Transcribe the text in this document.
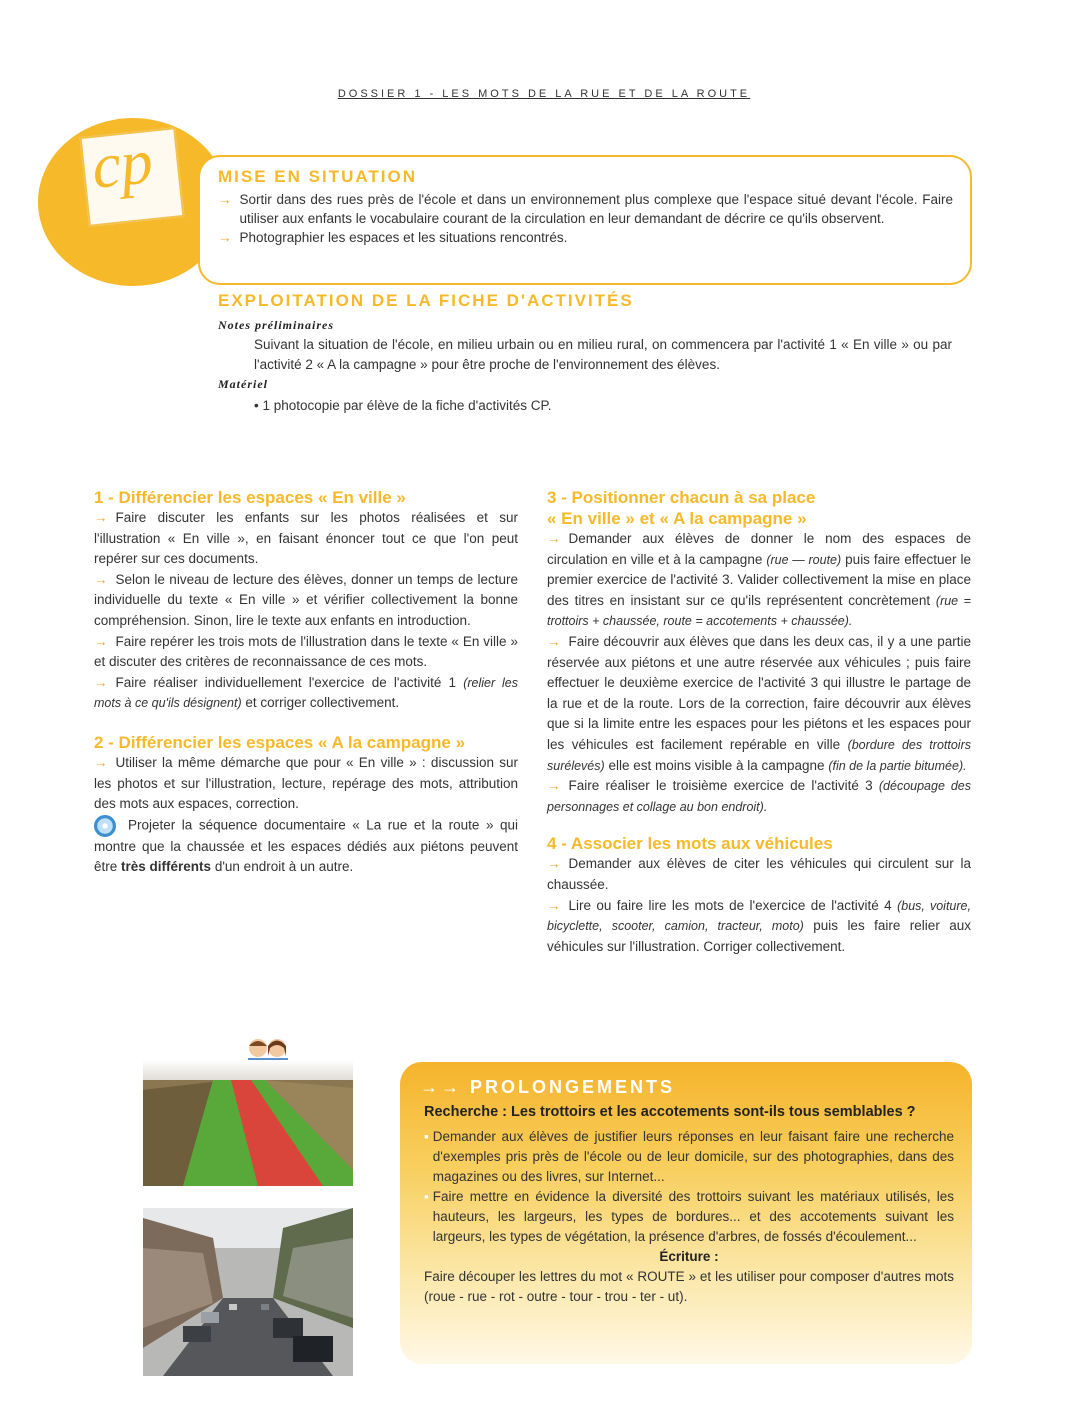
DOSSIER 1 - LES MOTS DE LA RUE ET DE LA ROUTE
cp	MISE EN SITUATION
→ Sortir dans des rues près de l'école et dans un environnement plus complexe que l'espace situé devant l'école. Faire utiliser aux enfants le vocabulaire courant de la circulation en leur demandant de décrire ce qu'ils observent.
→ Photographier les espaces et les situations rencontrés.
EXPLOITATION DE LA FICHE D'ACTIVITÉS
Notes préliminaires
Suivant la situation de l'école, en milieu urbain ou en milieu rural, on commencera par l'activité 1 « En ville » ou par l'activité 2 « A la campagne » pour être proche de l'environnement des élèves.
Matériel
• 1 photocopie par élève de la fiche d'activités CP.
1 - Différencier les espaces « En ville »

→ Faire discuter les enfants sur les photos réalisées et sur l'illustration « En ville », en faisant énoncer tout ce que l'on peut repérer sur ces documents.

→ Selon le niveau de lecture des élèves, donner un temps de lecture individuelle du texte « En ville » et vérifier collectivement la bonne compréhension. Sinon, lire le texte aux enfants en introduction.

→ Faire repérer les trois mots de l'illustration dans le texte « En ville » et discuter des critères de reconnaissance de ces mots.

→ Faire réaliser individuellement l'exercice de l'activité 1 (relier les mots à ce qu'ils désignent) et corriger collectivement.

2 - Différencier les espaces « A la campagne »

→ Utiliser la même démarche que pour « En ville » : discussion sur les photos et sur l'illustration, lecture, repérage des mots, attribution des mots aux espaces, correction.

Projeter la séquence documentaire « La rue et la route » qui montre que la chaussée et les espaces dédiés aux piétons peuvent être très différents d'un endroit à un autre.

3 - Positionner chacun à sa place
« En ville » et « A la campagne »

→ Demander aux élèves de donner le nom des espaces de circulation en ville et à la campagne (rue — route) puis faire effectuer le premier exercice de l'activité 3. Valider collectivement la mise en place des titres en insistant sur ce qu'ils représentent concrètement (rue = trottoirs + chaussée, route = accotements + chaussée).

→ Faire découvrir aux élèves que dans les deux cas, il y a une partie réservée aux piétons et une autre réservée aux véhicules ; puis faire effectuer le deuxième exercice de l'activité 3 qui illustre le partage de la rue et de la route. Lors de la correction, faire découvrir aux élèves que si la limite entre les espaces pour les piétons et les espaces pour les véhicules est facilement repérable en ville (bordure des trottoirs surélevés) elle est moins visible à la campagne (fin de la partie bitumée).

→ Faire réaliser le troisième exercice de l'activité 3 (découpage des personnages et collage au bon endroit).

4 - Associer les mots aux véhicules

→ Demander aux élèves de citer les véhicules qui circulent sur la chaussée.

→ Lire ou faire lire les mots de l'exercice de l'activité 4 (bus, voiture, bicyclette, scooter, camion, tracteur, moto) puis les faire relier aux véhicules sur l'illustration. Corriger collectivement.

→→ PROLONGEMENTS
Recherche : Les trottoirs et les accotements sont-ils tous semblables ?
▪ Demander aux élèves de justifier leurs réponses en leur faisant faire une recherche d'exemples pris près de l'école ou de leur domicile, sur des photographies, dans des magazines ou des livres, sur Internet...
▪ Faire mettre en évidence la diversité des trottoirs suivant les matériaux utilisés, les hauteurs, les largeurs, les types de bordures... et des accotements suivant les largeurs, les types de végétation, la présence d'arbres, de fossés d'écoulement...
Écriture :
Faire découper les lettres du mot « ROUTE » et les utiliser pour composer d'autres mots (roue - rue - rot - outre - tour - trou - ter - ut).
